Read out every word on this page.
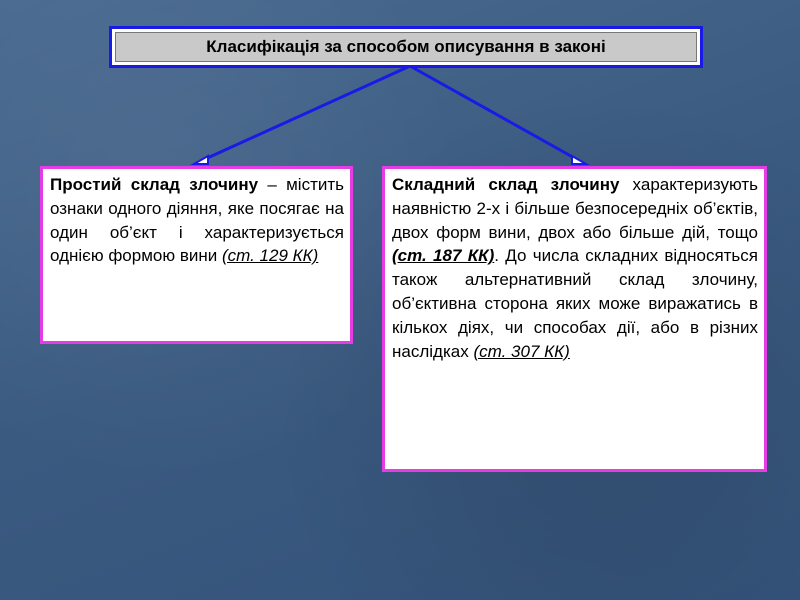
Класифікація за способом описування в законі
Простий склад злочину – містить ознаки одного діяння, яке посягає на один об’єкт і характеризується однією формою вини (ст. 129 КК)
Складний склад злочину характеризують наявністю 2-х і більше безпосередніх об’єктів, двох форм вини, двох або більше дій, тощо (ст. 187 КК). До числа складних відносяться також альтернативний склад злочину, об’єктивна сторона яких може виражатись в кількох діях, чи способах дії, або в різних наслідках (ст. 307 КК)
